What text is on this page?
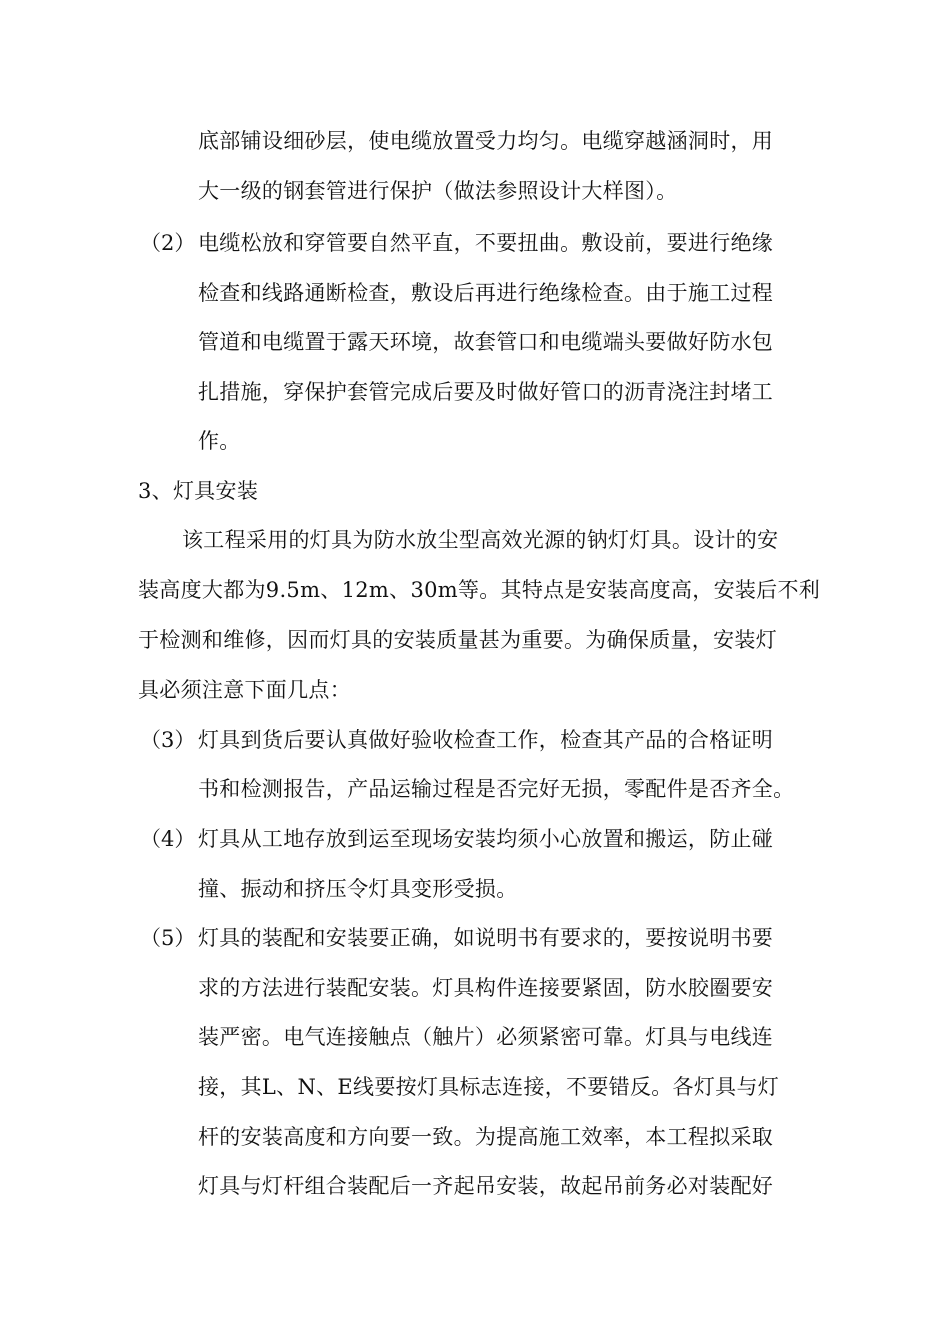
底部铺设细砂层，使电缆放置受力均匀。电缆穿越涵洞时，用
大一级的钢套管进行保护（做法参照设计大样图）。
（2） 电缆松放和穿管要自然平直，不要扭曲。敷设前，要进行绝缘
检查和线路通断检查，敷设后再进行绝缘检查。由于施工过程
管道和电缆置于露天环境，故套管口和电缆端头要做好防水包
扎措施，穿保护套管完成后要及时做好管口的沥青浇注封堵工
作。
3、灯具安装
该工程采用的灯具为防水放尘型高效光源的钠灯灯具。设计的安
装高度大都为9.5m、12m、30m等。其特点是安装高度高，安装后不利
于检测和维修，因而灯具的安装质量甚为重要。为确保质量，安装灯
具必须注意下面几点：
（3） 灯具到货后要认真做好验收检查工作，检查其产品的合格证明
书和检测报告，产品运输过程是否完好无损，零配件是否齐全。
（4） 灯具从工地存放到运至现场安装均须小心放置和搬运，防止碰
撞、振动和挤压令灯具变形受损。
（5） 灯具的装配和安装要正确，如说明书有要求的，要按说明书要
求的方法进行装配安装。灯具构件连接要紧固，防水胶圈要安
装严密。电气连接触点（触片）必须紧密可靠。灯具与电线连
接，其L、N、E线要按灯具标志连接，不要错反。各灯具与灯
杆的安装高度和方向要一致。为提高施工效率，本工程拟采取
灯具与灯杆组合装配后一齐起吊安装，故起吊前务必对装配好
